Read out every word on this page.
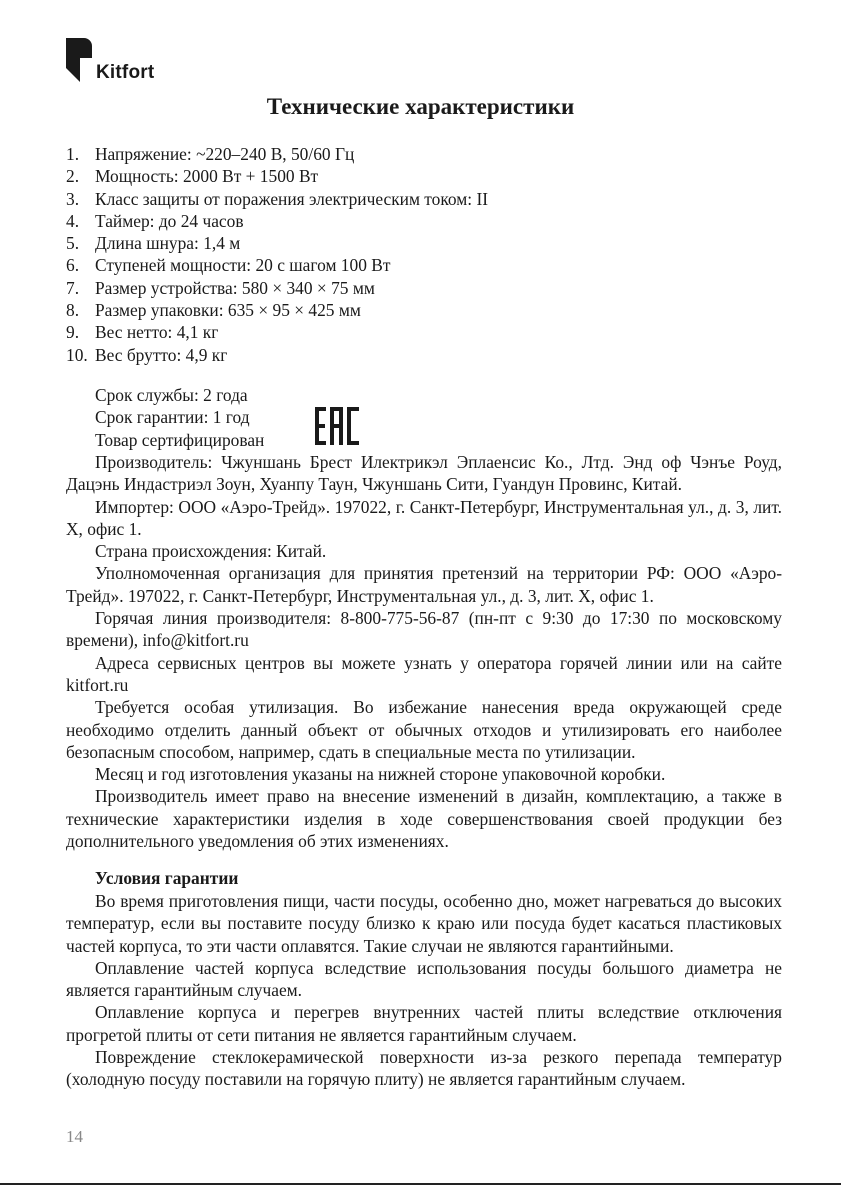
Kitfort
Технические характеристики
1. Напряжение: ~220–240 В, 50/60 Гц
2. Мощность: 2000 Вт + 1500 Вт
3. Класс защиты от поражения электрическим током: II
4. Таймер: до 24 часов
5. Длина шнура: 1,4 м
6. Ступеней мощности: 20 с шагом 100 Вт
7. Размер устройства: 580 × 340 × 75 мм
8. Размер упаковки: 635 × 95 × 425 мм
9. Вес нетто: 4,1 кг
10. Вес брутто: 4,9 кг

Срок службы: 2 года

Срок гарантии: 1 год

Товар сертифицирован

Производитель: Чжуншань Брест Илектрикэл Эплаенсис Ко., Лтд. Энд оф Чэнъе Роуд, Дацэнь Индастриэл Зоун, Хуанпу Таун, Чжуншань Сити, Гуандун Провинс, Китай.

Импортер: ООО «Аэро-Трейд». 197022, г. Санкт-Петербург, Инструментальная ул., д. 3, лит. Х, офис 1.

Страна происхождения: Китай.

Уполномоченная организация для принятия претензий на территории РФ: ООО «Аэро-Трейд». 197022, г. Санкт-Петербург, Инструментальная ул., д. 3, лит. Х, офис 1.

Горячая линия производителя: 8-800-775-56-87 (пн-пт с 9:30 до 17:30 по московскому времени), info@kitfort.ru

Адреса сервисных центров вы можете узнать у оператора горячей линии или на сайте kitfort.ru

Требуется особая утилизация. Во избежание нанесения вреда окружающей среде необходимо отделить данный объект от обычных отходов и утилизировать его наиболее безопасным способом, например, сдать в специальные места по утилизации.

Месяц и год изготовления указаны на нижней стороне упаковочной коробки.

Производитель имеет право на внесение изменений в дизайн, комплектацию, а также в технические характеристики изделия в ходе совершенствования своей продукции без дополнительного уведомления об этих изменениях.

Условия гарантии

Во время приготовления пищи, части посуды, особенно дно, может нагреваться до высоких температур, если вы поставите посуду близко к краю или посуда будет касаться пластиковых частей корпуса, то эти части оплавятся. Такие случаи не являются гарантийными.

Оплавление частей корпуса вследствие использования посуды большого диаметра не является гарантийным случаем.

Оплавление корпуса и перегрев внутренних частей плиты вследствие отключения прогретой плиты от сети питания не является гарантийным случаем.

Повреждение стеклокерамической поверхности из-за резкого перепада температур (холодную посуду поставили на горячую плиту) не является гарантийным случаем.

14
